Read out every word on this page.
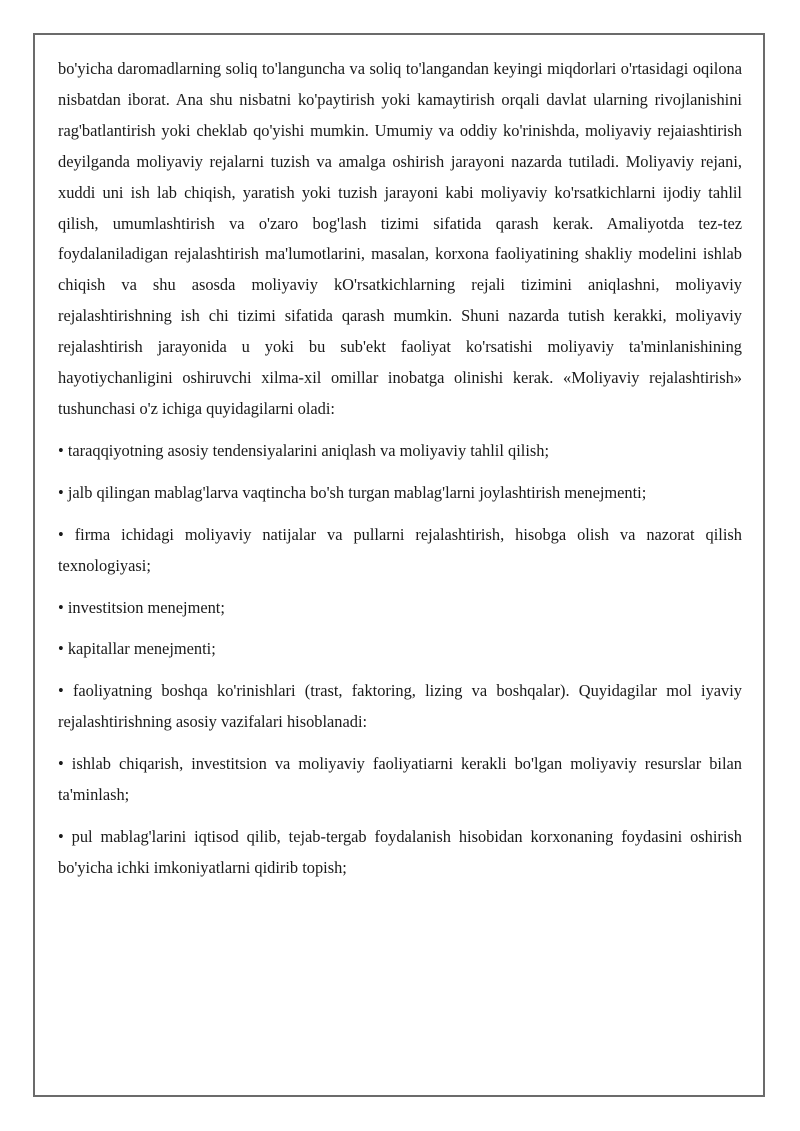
bo'yicha daromadlarning soliq to'languncha va soliq to'langandan keyingi miqdorlari o'rtasidagi oqilona nisbatdan iborat. Ana shu nisbatni ko'paytirish yoki kamaytirish orqali davlat ularning rivojlanishini rag'batlantirish yoki cheklab qo'yishi mumkin. Umumiy va oddiy ko'rinishda, moliyaviy rejaiashtirish deyilganda moliyaviy rejalarni tuzish va amalga oshirish jarayoni nazarda tutiladi. Moliyaviy rejani, xuddi uni ish lab chiqish, yaratish yoki tuzish jarayoni kabi moliyaviy ko'rsatkichlarni ijodiy tahlil qilish, umumlashtirish va o'zaro bog'lash tizimi sifatida qarash kerak. Amaliyotda tez-tez foydalaniladigan rejalashtirish ma'lumotlarini, masalan, korxona faoliyatining shakliy modelini ishlab chiqish va shu asosda moliyaviy kO'rsatkichlarning rejali tizimini aniqlashni, moliyaviy rejalashtirishning ish chi tizimi sifatida qarash mumkin. Shuni nazarda tutish kerakki, moliyaviy rejalashtirish jarayonida u yoki bu sub'ekt faoliyat ko'rsatishi moliyaviy ta'minlanishining hayotiychanligini oshiruvchi xilma-xil omillar inobatga olinishi kerak. «Moliyaviy rejalashtirish» tushunchasi o'z ichiga quyidagilarni oladi:

• taraqqiyotning asosiy tendensiyalarini aniqlash va moliyaviy tahlil qilish;

• jalb qilingan mablag'larva vaqtincha bo'sh turgan mablag'larni joylashtirish menejmenti;

• firma ichidagi moliyaviy natijalar va pullarni rejalashtirish, hisobga olish va nazorat qilish texnologiyasi;

• investitsion menejment;

• kapitallar menejmenti;

• faoliyatning boshqa ko'rinishlari (trast, faktoring, lizing va boshqalar). Quyidagilar mol iyaviy rejalashtirishning asosiy vazifalari hisoblanadi:

• ishlab chiqarish, investitsion va moliyaviy faoliyatiarni kerakli bo'lgan moliyaviy resurslar bilan ta'minlash;

• pul mablag'larini iqtisod qilib, tejab-tergab foydalanish hisobidan korxonaning foydasini oshirish bo'yicha ichki imkoniyatlarni qidirib topish;
